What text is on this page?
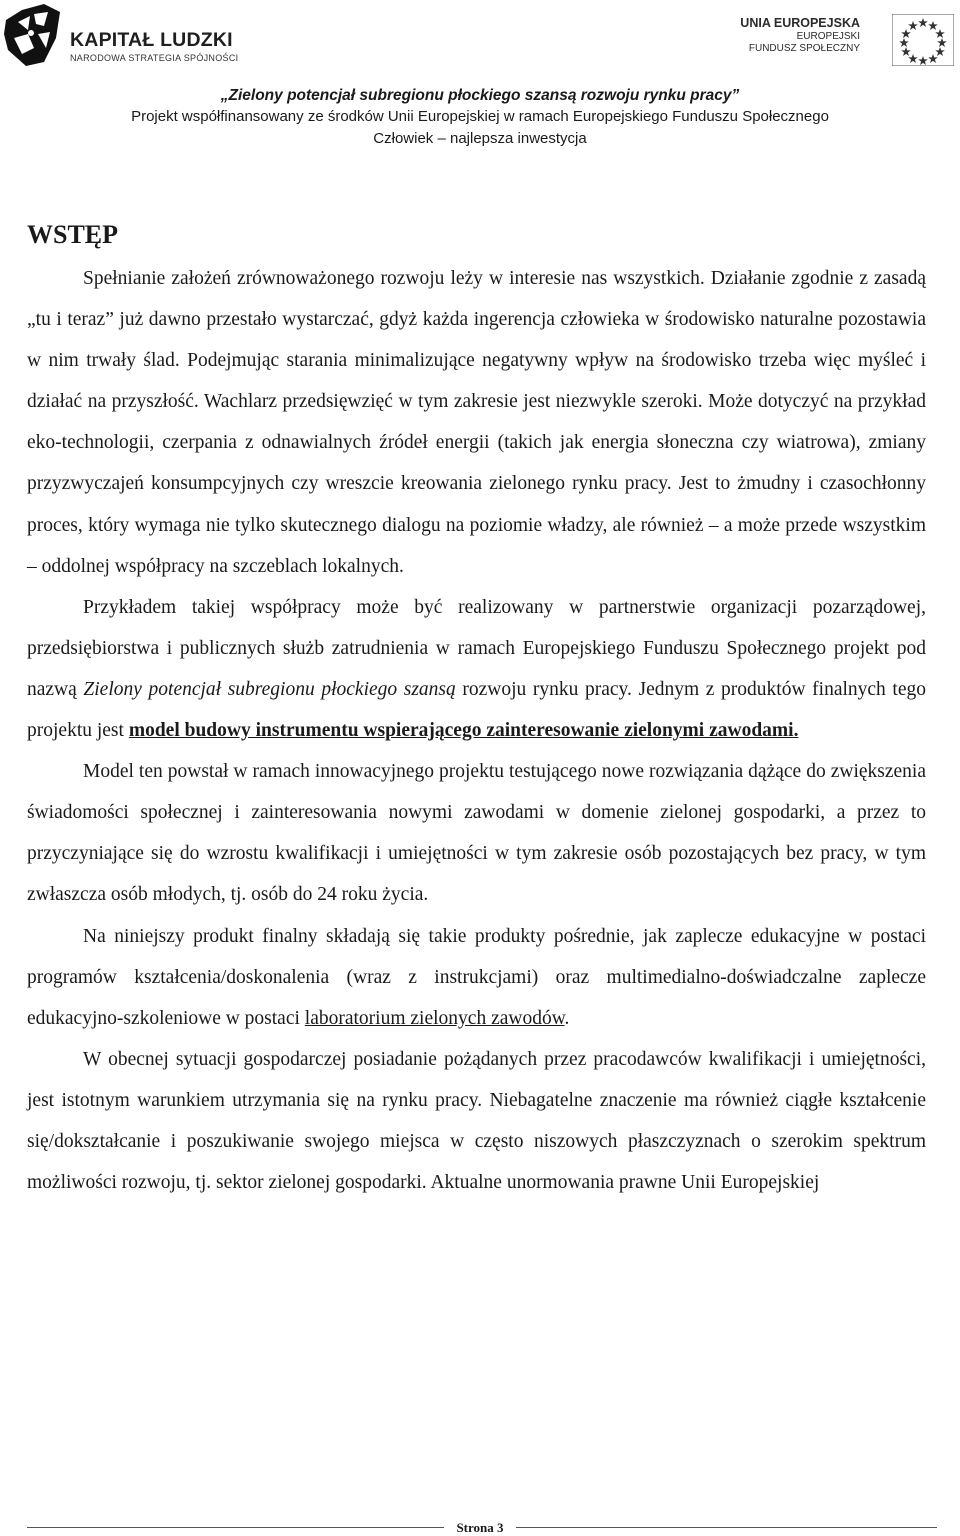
KAPITAŁ LUDZKI
NARODOWA STRATEGIA SPÓJNOŚCI
UNIA EUROPEJSKA
EUROPEJSKI
FUNDUSZ SPOŁECZNY
„Zielony potencjał subregionu płockiego szansą rozwoju rynku pracy”
Projekt współfinansowany ze środków Unii Europejskiej w ramach Europejskiego Funduszu Społecznego
Człowiek – najlepsza inwestycja
WSTĘP

Spełnianie założeń zrównoważonego rozwoju leży w interesie nas wszystkich. Działanie zgodnie z zasadą „tu i teraz” już dawno przestało wystarczać, gdyż każda ingerencja człowieka w środowisko naturalne pozostawia w nim trwały ślad. Podejmując starania minimalizujące negatywny wpływ na środowisko trzeba więc myśleć i działać na przyszłość. Wachlarz przedsięwzięć w tym zakresie jest niezwykle szeroki. Może dotyczyć na przykład eko-technologii, czerpania z odnawialnych źródeł energii (takich jak energia słoneczna czy wiatrowa), zmiany przyzwyczajeń konsumpcyjnych czy wreszcie kreowania zielonego rynku pracy. Jest to żmudny i czasochłonny proces, który wymaga nie tylko skutecznego dialogu na poziomie władzy, ale również – a może przede wszystkim – oddolnej współpracy na szczeblach lokalnych.

Przykładem takiej współpracy może być realizowany w partnerstwie organizacji pozarządowej, przedsiębiorstwa i publicznych służb zatrudnienia w ramach Europejskiego Funduszu Społecznego projekt pod nazwą Zielony potencjał subregionu płockiego szansą rozwoju rynku pracy. Jednym z produktów finalnych tego projektu jest model budowy instrumentu wspierającego zainteresowanie zielonymi zawodami.

Model ten powstał w ramach innowacyjnego projektu testującego nowe rozwiązania dążące do zwiększenia świadomości społecznej i zainteresowania nowymi zawodami w domenie zielonej gospodarki, a przez to przyczyniające się do wzrostu kwalifikacji i umiejętności w tym zakresie osób pozostających bez pracy, w tym zwłaszcza osób młodych, tj. osób do 24 roku życia.

Na niniejszy produkt finalny składają się takie produkty pośrednie, jak zaplecze edukacyjne w postaci programów kształcenia/doskonalenia (wraz z instrukcjami) oraz multimedialno-doświadczalne zaplecze edukacyjno-szkoleniowe w postaci laboratorium zielonych zawodów.

W obecnej sytuacji gospodarczej posiadanie pożądanych przez pracodawców kwalifikacji i umiejętności, jest istotnym warunkiem utrzymania się na rynku pracy. Niebagatelne znaczenie ma również ciągłe kształcenie się/dokształcanie i poszukiwanie swojego miejsca w często niszowych płaszczyznach o szerokim spektrum możliwości rozwoju, tj. sektor zielonej gospodarki. Aktualne unormowania prawne Unii Europejskiej

Strona 3
